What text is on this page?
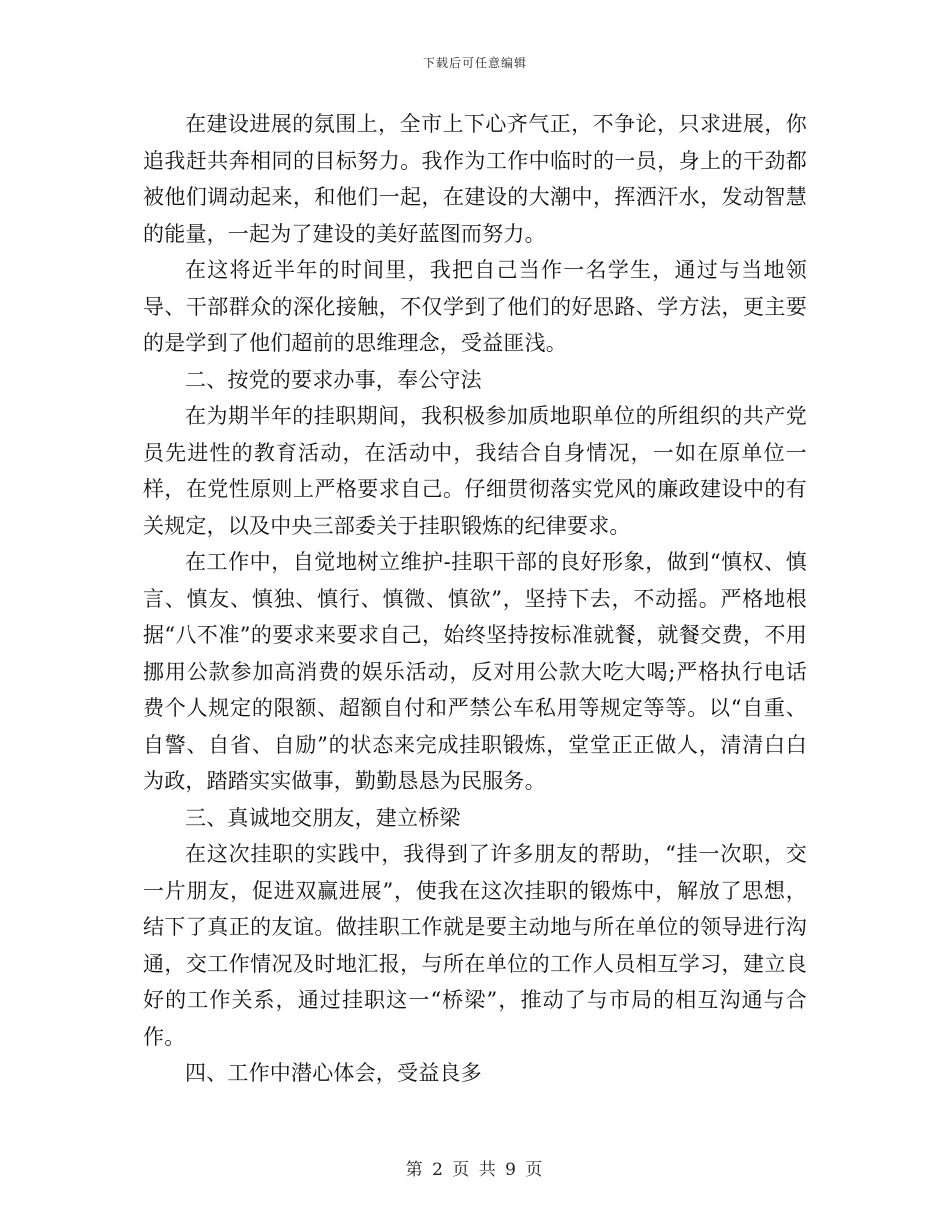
下载后可任意编辑

在建设进展的氛围上，全市上下心齐气正，不争论，只求进展，你追我赶共奔相同的目标努力。我作为工作中临时的一员，身上的干劲都被他们调动起来，和他们一起，在建设的大潮中，挥洒汗水，发动智慧的能量，一起为了建设的美好蓝图而努力。

在这将近半年的时间里，我把自己当作一名学生，通过与当地领导、干部群众的深化接触，不仅学到了他们的好思路、学方法，更主要的是学到了他们超前的思维理念，受益匪浅。

二、按党的要求办事，奉公守法

在为期半年的挂职期间，我积极参加质地职单位的所组织的共产党员先进性的教育活动，在活动中，我结合自身情况，一如在原单位一样，在党性原则上严格要求自己。仔细贯彻落实党风的廉政建设中的有关规定，以及中央三部委关于挂职锻炼的纪律要求。

在工作中，自觉地树立维护-挂职干部的良好形象，做到“慎权、慎言、慎友、慎独、慎行、慎微、慎欲”，坚持下去，不动摇。严格地根据“八不准”的要求来要求自己，始终坚持按标准就餐，就餐交费，不用挪用公款参加高消费的娱乐活动，反对用公款大吃大喝;严格执行电话费个人规定的限额、超额自付和严禁公车私用等规定等等。以“自重、自警、自省、自励”的状态来完成挂职锻炼，堂堂正正做人，清清白白为政，踏踏实实做事，勤勤恳恳为民服务。

三、真诚地交朋友，建立桥梁

在这次挂职的实践中，我得到了许多朋友的帮助，“挂一次职，交一片朋友，促进双赢进展”，使我在这次挂职的锻炼中，解放了思想，结下了真正的友谊。做挂职工作就是要主动地与所在单位的领导进行沟通，交工作情况及时地汇报，与所在单位的工作人员相互学习，建立良好的工作关系，通过挂职这一“桥梁”，推动了与市局的相互沟通与合作。

四、工作中潜心体会，受益良多

第 2 页 共 9 页
